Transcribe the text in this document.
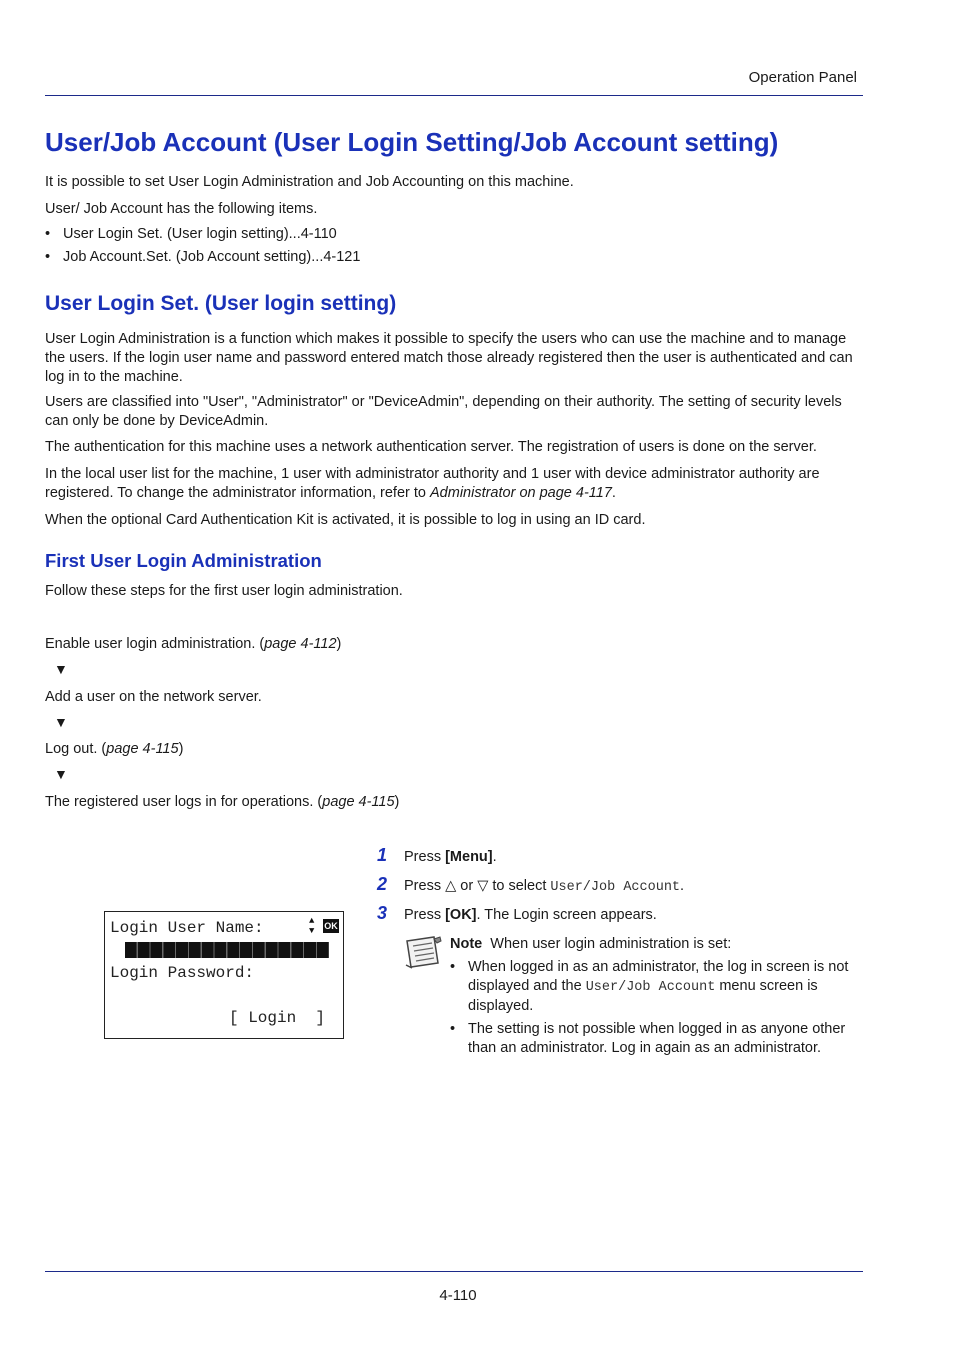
Operation Panel
User/Job Account (User Login Setting/Job Account setting)
It is possible to set User Login Administration and Job Accounting on this machine.
User/ Job Account has the following items.
• User Login Set. (User login setting)...4-110
• Job Account.Set. (Job Account setting)...4-121
User Login Set. (User login setting)
User Login Administration is a function which makes it possible to specify the users who can use the machine and to manage the users. If the login user name and password entered match those already registered then the user is authenticated and can log in to the machine.
Users are classified into "User", "Administrator" or "DeviceAdmin", depending on their authority. The setting of security levels can only be done by DeviceAdmin.
The authentication for this machine uses a network authentication server. The registration of users is done on the server.
In the local user list for the machine, 1 user with administrator authority and 1 user with device administrator authority are registered. To change the administrator information, refer to Administrator on page 4-117.
When the optional Card Authentication Kit is activated, it is possible to log in using an ID card.
First User Login Administration
Follow these steps for the first user login administration.
Enable user login administration. (page 4-112)
▼
Add a user on the network server.
▼
Log out. (page 4-115)
▼
The registered user logs in for operations. (page 4-115)
Login User Name:	▲
▼ OK
Login Password:
[ Login  ]
1 Press [Menu].
2 Press △ or ▽ to select User/Job Account.
3 Press [OK]. The Login screen appears.
Note When user login administration is set:
• When logged in as an administrator, the log in screen is not displayed and the User/Job Account menu screen is displayed.
• The setting is not possible when logged in as anyone other than an administrator. Log in again as an administrator.
4-110
